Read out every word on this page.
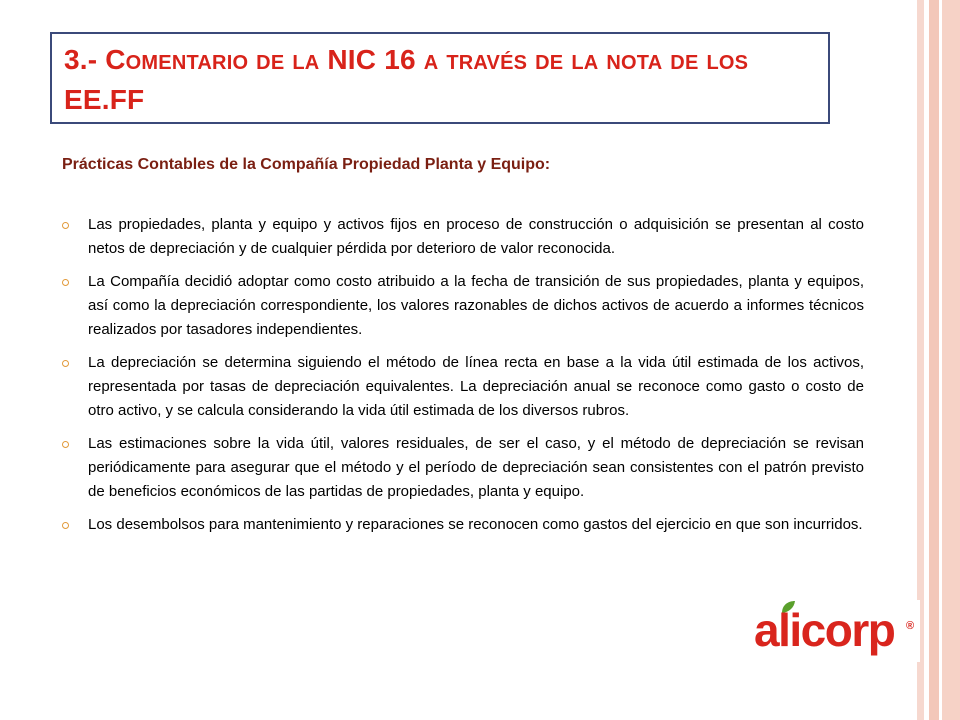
3.- Comentario de la NIC 16 a través de la nota de los EE.FF

Prácticas Contables de la Compañía Propiedad Planta y Equipo:

Las propiedades, planta y equipo y activos fijos en proceso de construcción o adquisición se presentan al costo netos de depreciación y de cualquier pérdida por deterioro de valor reconocida.
La Compañía decidió adoptar como costo atribuido a la fecha de transición de sus propiedades, planta y equipos, así como la depreciación correspondiente, los valores razonables de dichos activos de acuerdo a informes técnicos realizados por tasadores independientes.
La depreciación se determina siguiendo el método de línea recta en base a la vida útil estimada de los activos, representada por tasas de depreciación equivalentes. La depreciación anual se reconoce como gasto o costo de otro activo, y se calcula considerando la vida útil estimada de los diversos rubros.
Las estimaciones sobre la vida útil, valores residuales, de ser el caso, y el método de depreciación se revisan periódicamente para asegurar que el método y el período de depreciación sean consistentes con el patrón previsto de beneficios económicos de las partidas de propiedades, planta y equipo.
Los desembolsos para mantenimiento y reparaciones se reconocen como gastos del ejercicio en que son incurridos.

alicorp ®
